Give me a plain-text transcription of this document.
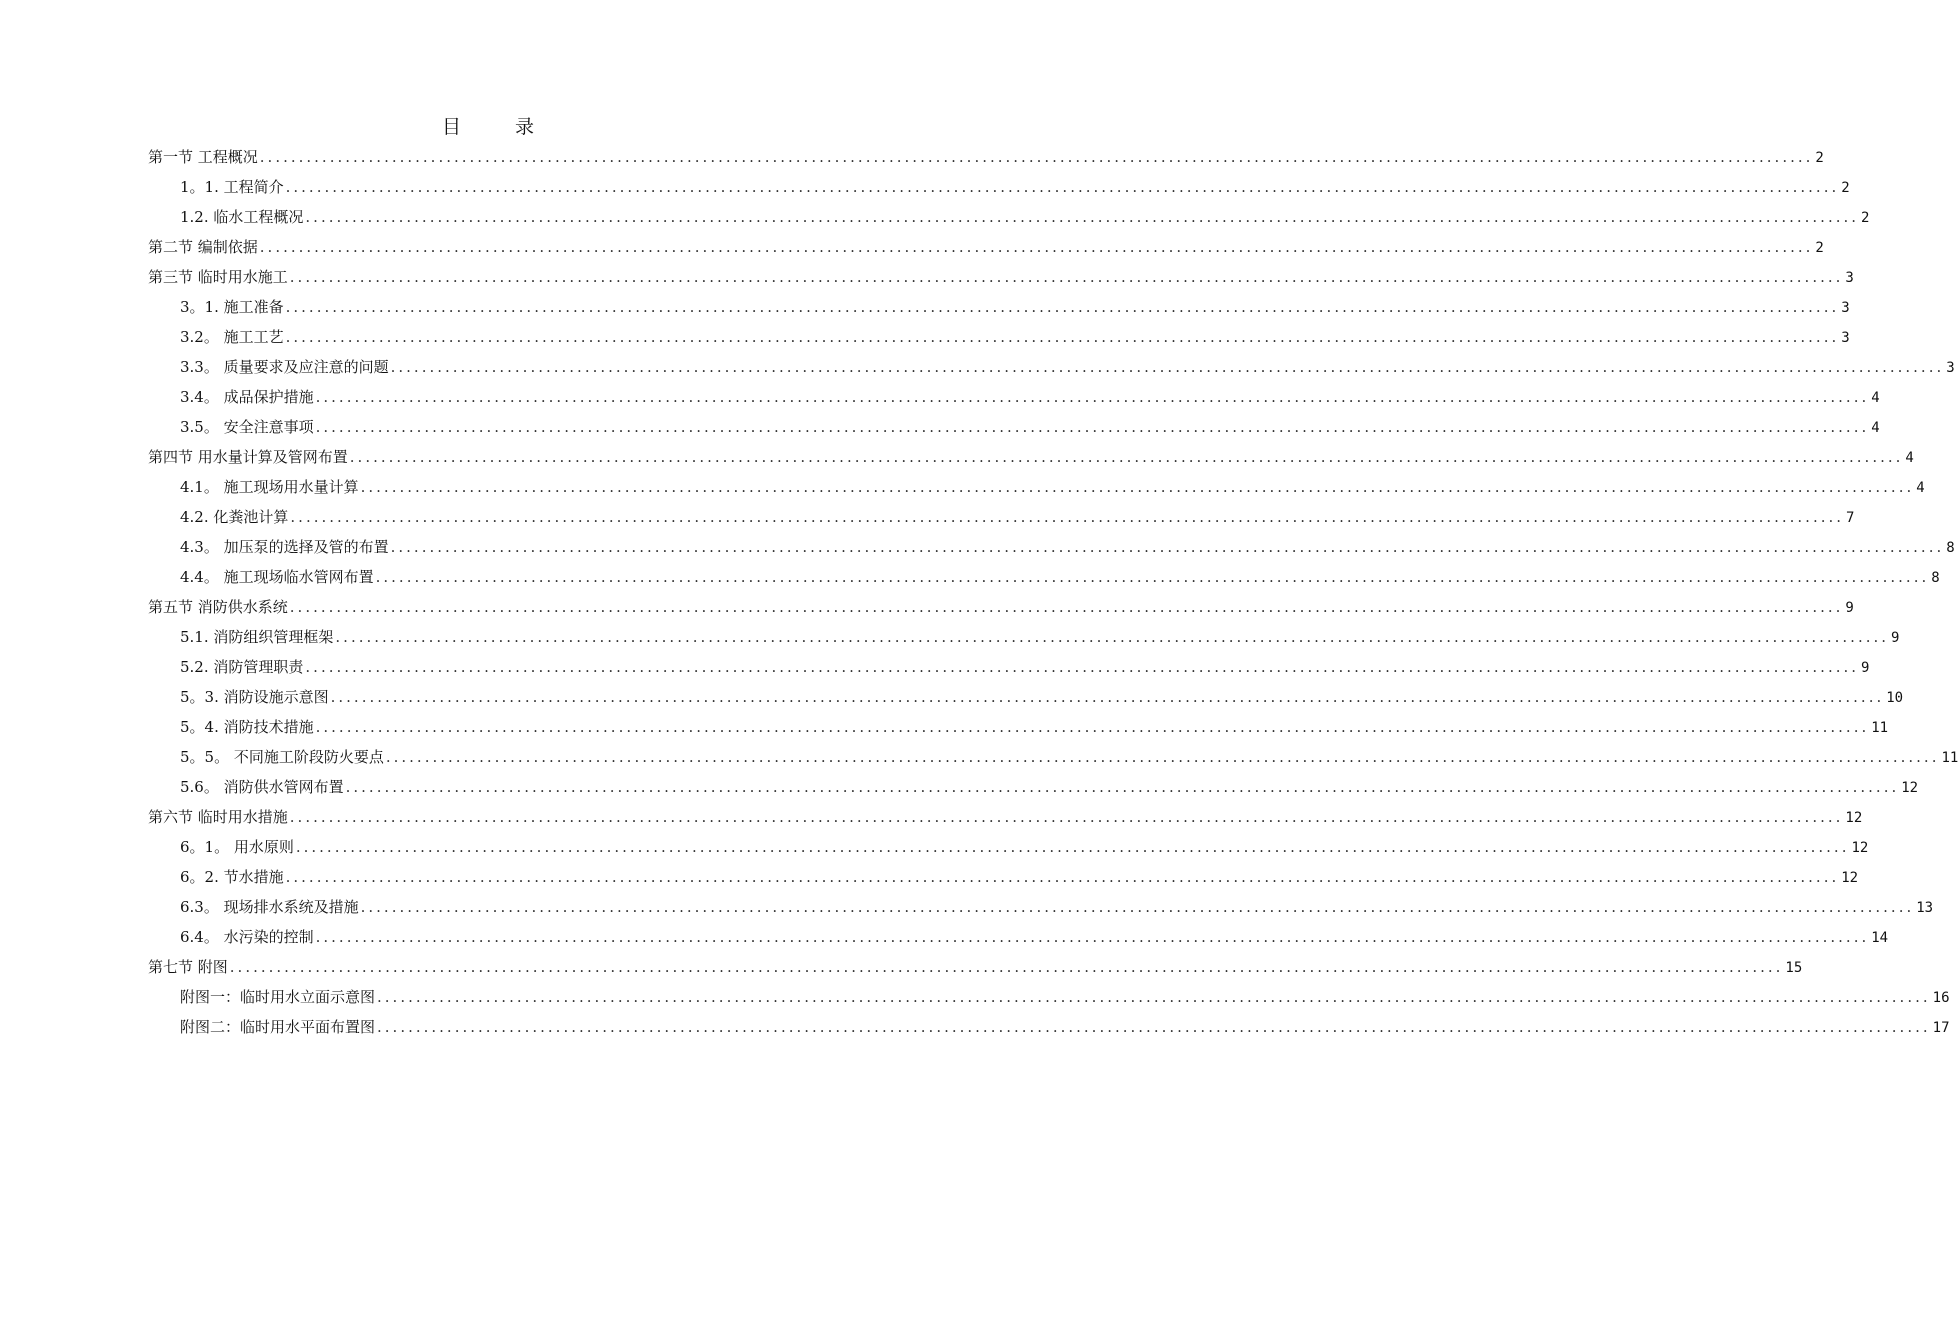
目 录
第一节 工程概况 ........................................................................................................................................................................................................ 2
1。1. 工程简介 ........................................................................................................................................................................................................ 2
1.2. 临水工程概况 ........................................................................................................................................................................................................ 2
第二节 编制依据 ........................................................................................................................................................................................................ 2
第三节 临时用水施工 ........................................................................................................................................................................................................ 3
3。1. 施工准备 ........................................................................................................................................................................................................ 3
3.2。 施工工艺 ........................................................................................................................................................................................................ 3
3.3。 质量要求及应注意的问题 ........................................................................................................................................................................................................ 3
3.4。 成品保护措施 ........................................................................................................................................................................................................ 4
3.5。 安全注意事项 ........................................................................................................................................................................................................ 4
第四节 用水量计算及管网布置 ........................................................................................................................................................................................................ 4
4.1。 施工现场用水量计算 ........................................................................................................................................................................................................ 4
4.2. 化粪池计算 ........................................................................................................................................................................................................ 7
4.3。 加压泵的选择及管的布置 ........................................................................................................................................................................................................ 8
4.4。 施工现场临水管网布置 ........................................................................................................................................................................................................ 8
第五节 消防供水系统 ........................................................................................................................................................................................................ 9
5.1. 消防组织管理框架 ........................................................................................................................................................................................................ 9
5.2. 消防管理职责 ........................................................................................................................................................................................................ 9
5。3. 消防设施示意图 ........................................................................................................................................................................................................ 10
5。4. 消防技术措施 ........................................................................................................................................................................................................ 11
5。5。 不同施工阶段防火要点 ........................................................................................................................................................................................................ 11
5.6。 消防供水管网布置 ........................................................................................................................................................................................................ 12
第六节 临时用水措施 ........................................................................................................................................................................................................ 12
6。1。 用水原则 ........................................................................................................................................................................................................ 12
6。2. 节水措施 ........................................................................................................................................................................................................ 12
6.3。 现场排水系统及措施 ........................................................................................................................................................................................................ 13
6.4。 水污染的控制 ........................................................................................................................................................................................................ 14
第七节 附图 ........................................................................................................................................................................................................ 15
附图一：临时用水立面示意图 ........................................................................................................................................................................................................ 16
附图二：临时用水平面布置图 ........................................................................................................................................................................................................ 17
